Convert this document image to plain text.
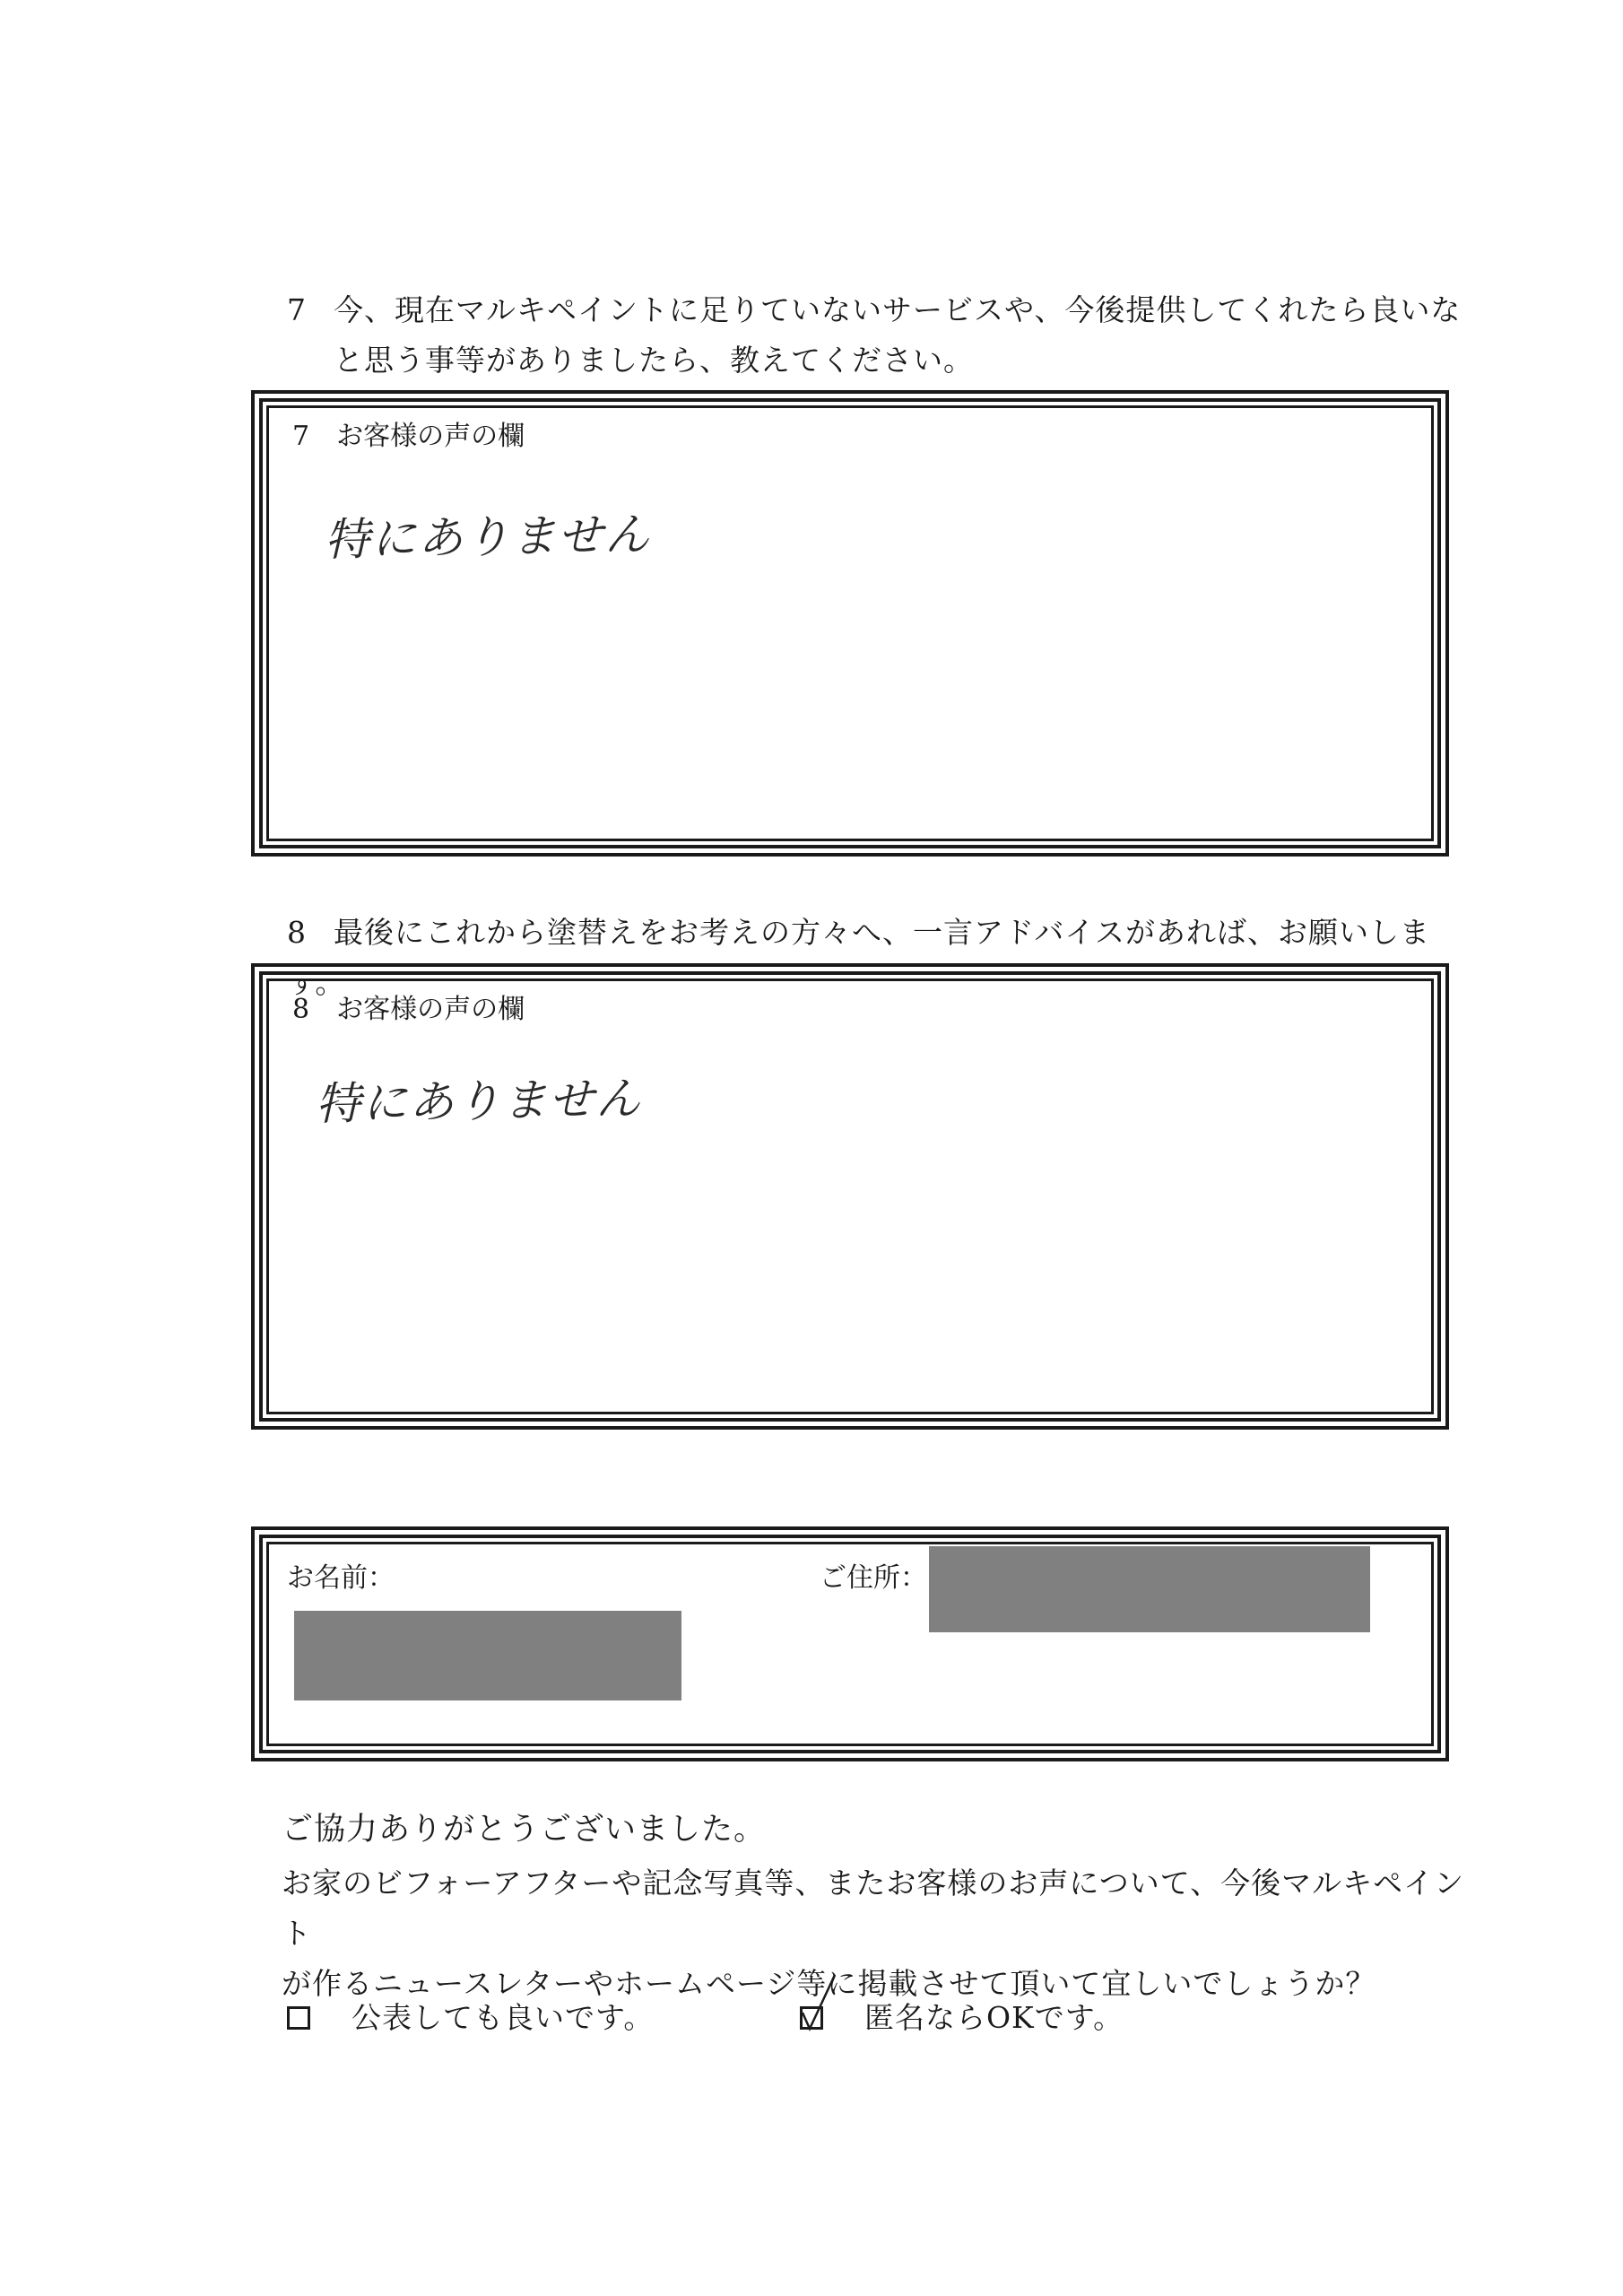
7 今、現在マルキペイントに足りていないサービスや、今後提供してくれたら良いな
と思う事等がありましたら、教えてください。
7　お客様の声の欄
特にありません
8 最後にこれから塗替えをお考えの方々へ、一言アドバイスがあれば、お願いします。
8　お客様の声の欄
特にありません
お名前：	ご住所：
ご協力ありがとうございました。
お家のビフォーアフターや記念写真等、またお客様のお声について、今後マルキペイント
が作るニュースレターやホームページ等に掲載させて頂いて宜しいでしょうか？
公表しても良いです。	匿名ならOKです。
